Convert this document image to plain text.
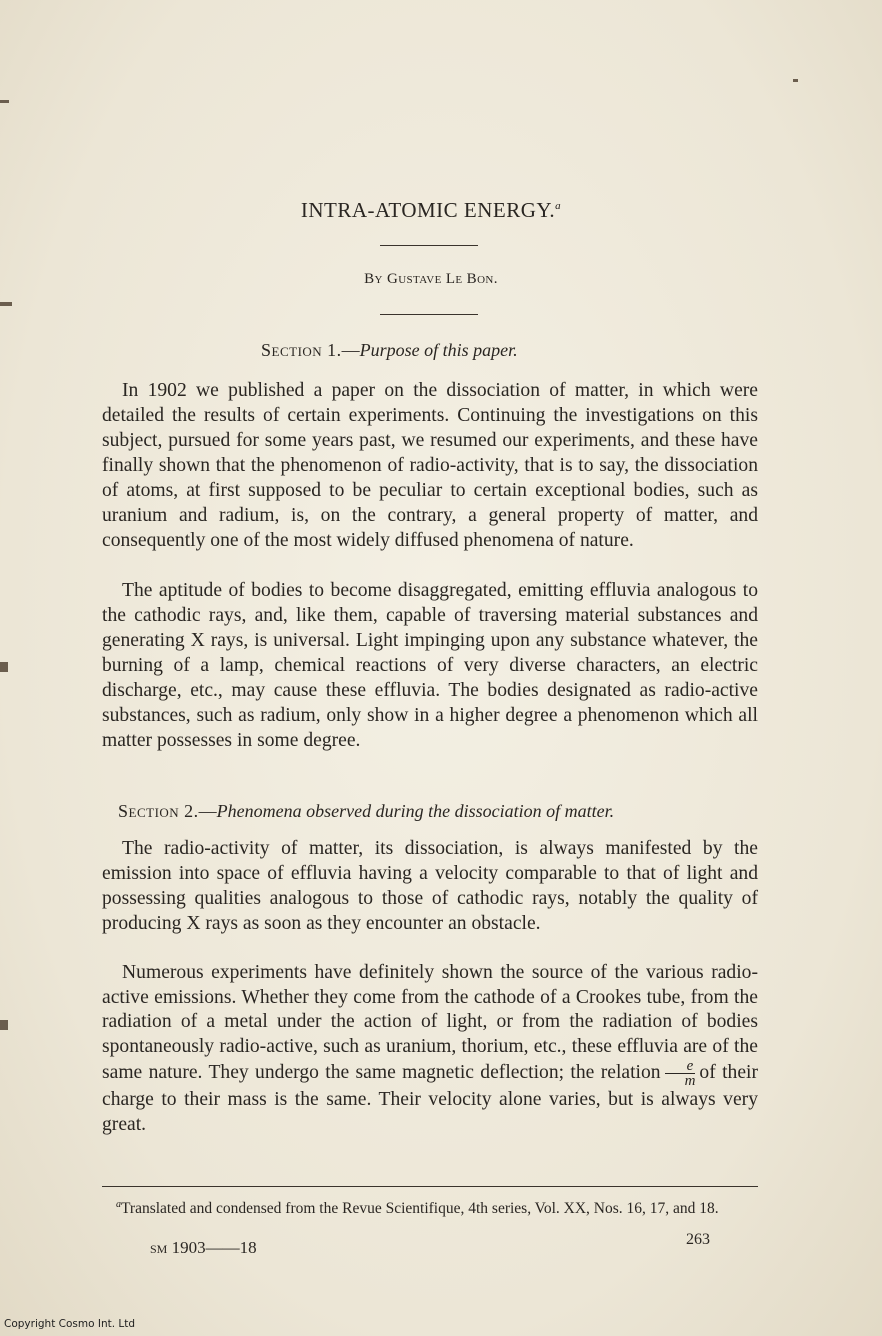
INTRA-ATOMIC ENERGY.$^a$
By Gustave Le Bon.
Section 1.—Purpose of this paper.

In 1902 we published a paper on the dissociation of matter, in which were detailed the results of certain experiments. Continuing the investigations on this subject, pursued for some years past, we resumed our experiments, and these have finally shown that the phenomenon of radio-activity, that is to say, the dissociation of atoms, at first supposed to be peculiar to certain exceptional bodies, such as uranium and radium, is, on the contrary, a general property of matter, and consequently one of the most widely diffused phenomena of nature.

The aptitude of bodies to become disaggregated, emitting effluvia analogous to the cathodic rays, and, like them, capable of traversing material substances and generating X rays, is universal. Light impinging upon any substance whatever, the burning of a lamp, chemical reactions of very diverse characters, an electric discharge, etc., may cause these effluvia. The bodies designated as radio-active substances, such as radium, only show in a higher degree a phenomenon which all matter possesses in some degree.

Section 2.—Phenomena observed during the dissociation of matter.

The radio-activity of matter, its dissociation, is always manifested by the emission into space of effluvia having a velocity comparable to that of light and possessing qualities analogous to those of cathodic rays, notably the quality of producing X rays as soon as they encounter an obstacle.

Numerous experiments have definitely shown the source of the various radio-active emissions. Whether they come from the cathode of a Crookes tube, from the radiation of a metal under the action of light, or from the radiation of bodies spontaneously radio-active, such as uranium, thorium, etc., these effluvia are of the same nature. They undergo the same magnetic deflection; the relation $\frac{e}{m}$ of their charge to their mass is the same. Their velocity alone varies, but is always very great.

$^a$Translated and condensed from the Revue Scientifique, 4th series, Vol. XX, Nos. 16, 17, and 18.

sm 1903——18	263
Copyright Cosmo Int. Ltd
